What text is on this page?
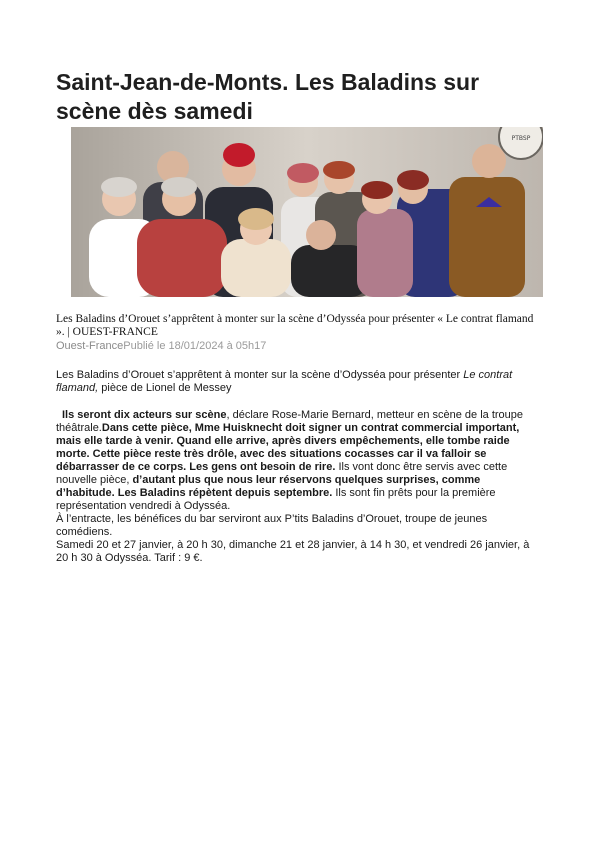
Saint-Jean-de-Monts. Les Baladins sur scène dès samedi
PTBSP
Les Baladins d’Orouet s’apprêtent à monter sur la scène d’Odysséa pour présenter « Le contrat flamand ». | OUEST-FRANCE
Ouest-FrancePublié le 18/01/2024 à 05h17

Les Baladins d’Orouet s’apprêtent à monter sur la scène d’Odysséa pour présenter Le contrat flamand, pièce de Lionel de Messey

Ils seront dix acteurs sur scène, déclare Rose-Marie Bernard, metteur en scène de la troupe théâtrale.Dans cette pièce, Mme Huisknecht doit signer un contrat commercial important, mais elle tarde à venir. Quand elle arrive, après divers empêchements, elle tombe raide morte. Cette pièce reste très drôle, avec des situations cocasses car il va falloir se débarrasser de ce corps. Les gens ont besoin de rire. Ils vont donc être servis avec cette nouvelle pièce, d’autant plus que nous leur réservons quelques surprises, comme d’habitude. Les Baladins répètent depuis septembre. Ils sont fin prêts pour la première représentation vendredi à Odysséa.

À l’entracte, les bénéfices du bar serviront aux P’tits Baladins d’Orouet, troupe de jeunes comédiens.

Samedi 20 et 27 janvier, à 20 h 30, dimanche 21 et 28 janvier, à 14 h 30, et vendredi 26 janvier, à 20 h 30 à Odysséa. Tarif : 9 €.
